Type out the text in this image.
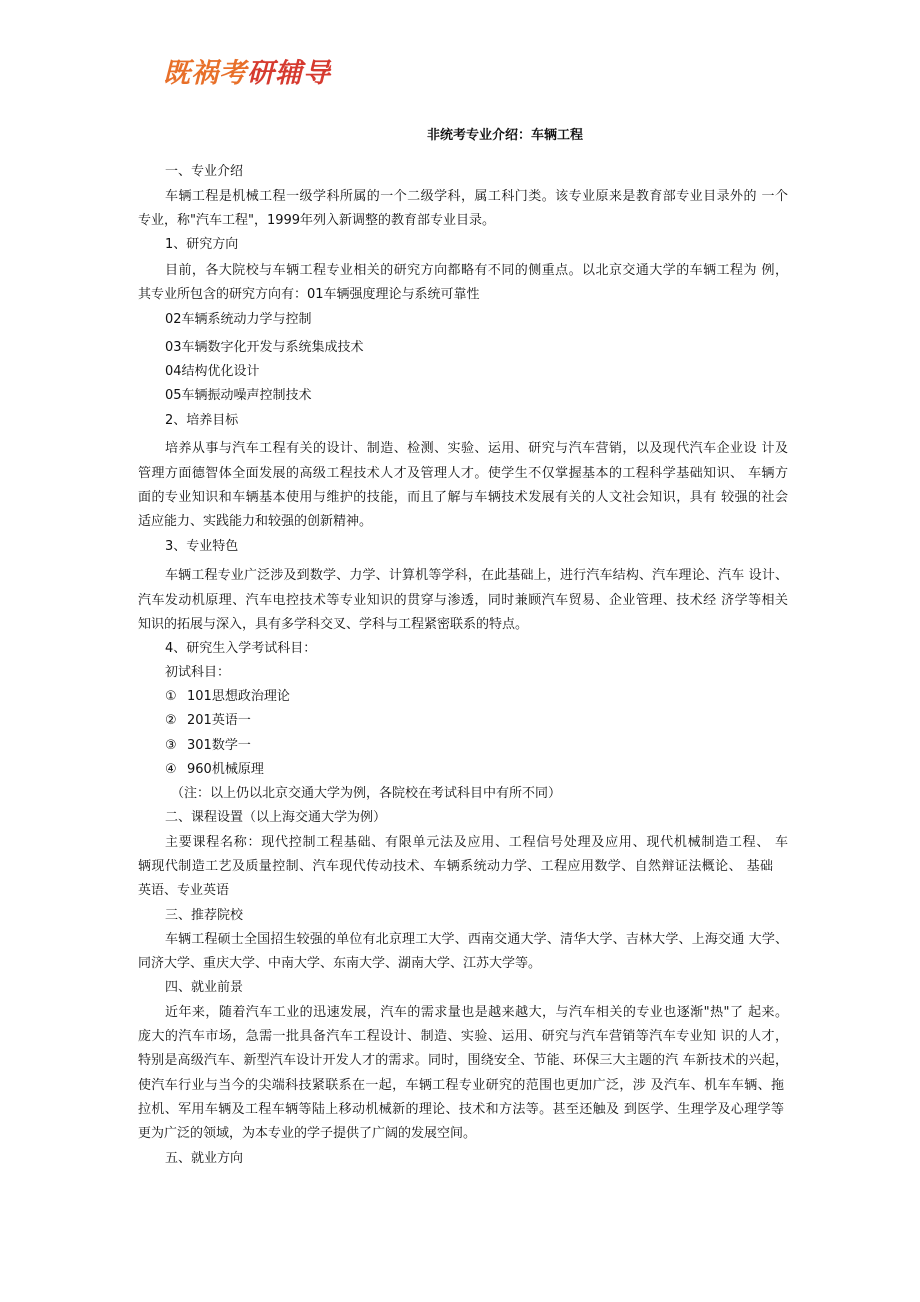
既祸考研辅导
非统考专业介绍：车辆工程
一、专业介绍
车辆工程是机械工程一级学科所属的一个二级学科，属工科门类。该专业原来是教育部专业目录外的 一个
专业，称"汽车工程"，1999年列入新调整的教育部专业目录。
1、研究方向
目前，各大院校与车辆工程专业相关的研究方向都略有不同的侧重点。以北京交通大学的车辆工程为 例，
其专业所包含的研究方向有：01车辆强度理论与系统可靠性
02车辆系统动力学与控制
03车辆数字化开发与系统集成技术
04结构优化设计
05车辆振动噪声控制技术
2、培养目标
培养从事与汽车工程有关的设计、制造、检测、实验、运用、研究与汽车营销，以及现代汽车企业设 计及
管理方面德智体全面发展的高级工程技术人才及管理人才。使学生不仅掌握基本的工程科学基础知识、 车辆方
面的专业知识和车辆基本使用与维护的技能，而且了解与车辆技术发展有关的人文社会知识，具有 较强的社会
适应能力、实践能力和较强的创新精神。
3、专业特色
车辆工程专业广泛涉及到数学、力学、计算机等学科，在此基础上，进行汽车结构、汽车理论、汽车 设计、
汽车发动机原理、汽车电控技术等专业知识的贯穿与渗透，同时兼顾汽车贸易、企业管理、技术经 济学等相关
知识的拓展与深入，具有多学科交叉、学科与工程紧密联系的特点。
4、研究生入学考试科目：
初试科目：
① 101思想政治理论
② 201英语一
③ 301数学一
④ 960机械原理
（注：以上仍以北京交通大学为例，各院校在考试科目中有所不同）
二、课程设置（以上海交通大学为例）
主要课程名称：现代控制工程基础、有限单元法及应用、工程信号处理及应用、现代机械制造工程、 车
辆现代制造工艺及质量控制、汽车现代传动技术、车辆系统动力学、工程应用数学、自然辩证法概论、 基础
英语、专业英语
三、推荐院校
车辆工程硕士全国招生较强的单位有北京理工大学、西南交通大学、清华大学、吉林大学、上海交通 大学、
同济大学、重庆大学、中南大学、东南大学、湖南大学、江苏大学等。
四、就业前景
近年来，随着汽车工业的迅速发展，汽车的需求量也是越来越大，与汽车相关的专业也逐渐"热"了 起来。
庞大的汽车市场，急需一批具备汽车工程设计、制造、实验、运用、研究与汽车营销等汽车专业知 识的人才，
特别是高级汽车、新型汽车设计开发人才的需求。同时，围绕安全、节能、环保三大主题的汽 车新技术的兴起，
使汽车行业与当今的尖端科技紧联系在一起，车辆工程专业研究的范围也更加广泛，涉 及汽车、机车车辆、拖
拉机、军用车辆及工程车辆等陆上移动机械新的理论、技术和方法等。甚至还触及 到医学、生理学及心理学等
更为广泛的领域，为本专业的学子提供了广阔的发展空间。
五、就业方向
